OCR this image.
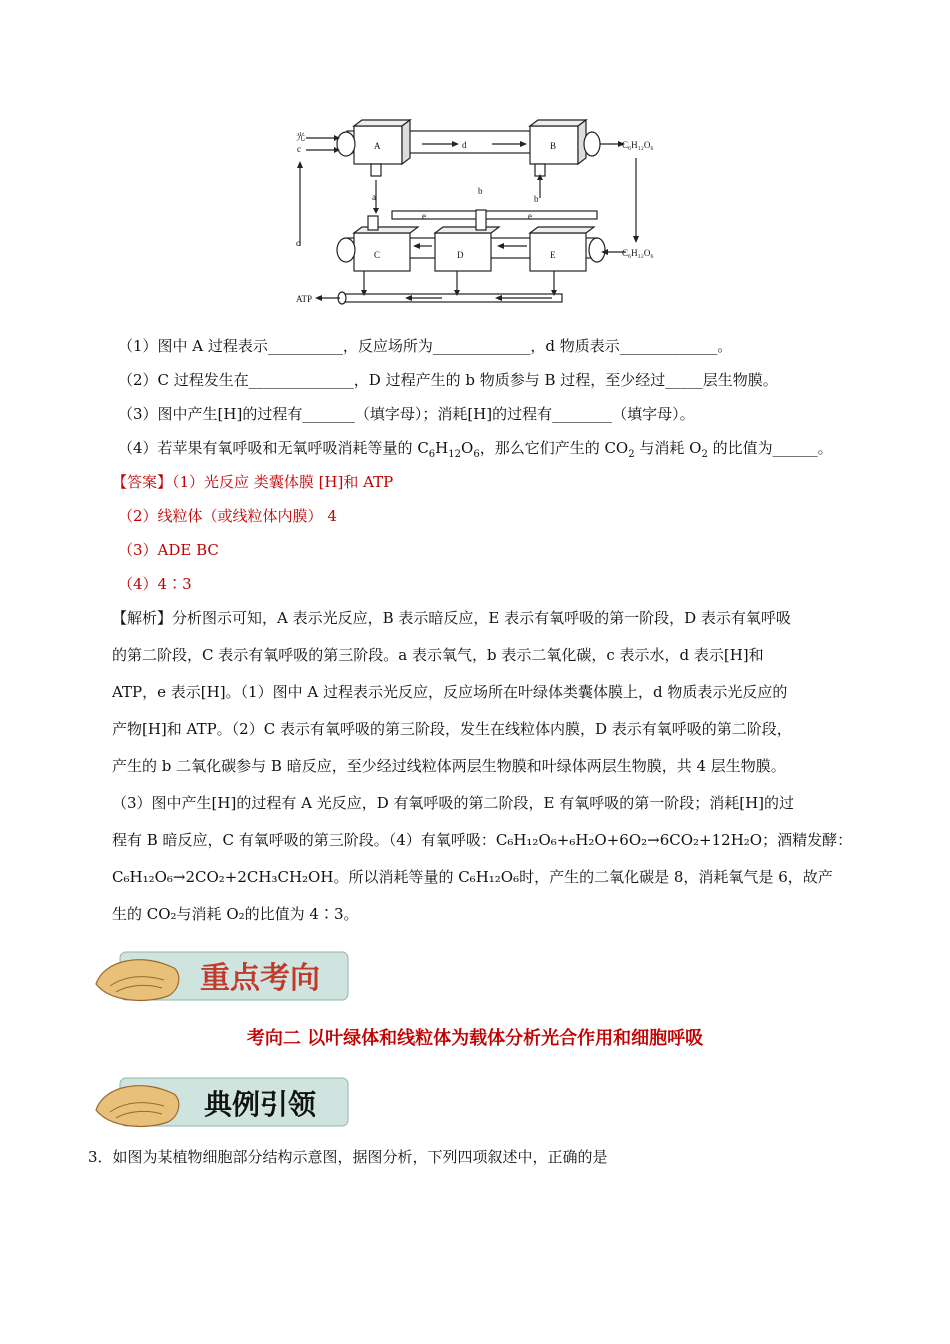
光
c	A	B
d	C₆H₁₂O₆
a
b
b
e	e
C	D	E
c
C₆H₁₂O₆
ATP
（1）图中 A 过程表示__________，反应场所为_____________，d 物质表示_____________。
（2）C 过程发生在______________，D 过程产生的 b 物质参与 B 过程，至少经过_____层生物膜。
（3）图中产生[H]的过程有_______（填字母）；消耗[H]的过程有________（填字母）。
（4）若苹果有氧呼吸和无氧呼吸消耗等量的 $C_6H_{12}O_6$，那么它们产生的 $CO_2$ 与消耗 $O_2$ 的比值为______。
【答案】（1）光反应 类囊体膜 [H]和 ATP
（2）线粒体（或线粒体内膜） 4
（3）ADE BC
（4）4∶3

【解析】分析图示可知，A 表示光反应，B 表示暗反应，E 表示有氧呼吸的第一阶段，D 表示有氧呼吸

的第二阶段，C 表示有氧呼吸的第三阶段。a 表示氧气，b 表示二氧化碳，c 表示水，d 表示[H]和

ATP，e 表示[H]。（1）图中 A 过程表示光反应，反应场所在叶绿体类囊体膜上，d 物质表示光反应的

产物[H]和 ATP。（2）C 表示有氧呼吸的第三阶段，发生在线粒体内膜，D 表示有氧呼吸的第二阶段，

产生的 b 二氧化碳参与 B 暗反应，至少经过线粒体两层生物膜和叶绿体两层生物膜，共 4 层生物膜。

（3）图中产生[H]的过程有 A 光反应，D 有氧呼吸的第二阶段，E 有氧呼吸的第一阶段；消耗[H]的过

程有 B 暗反应，C 有氧呼吸的第三阶段。（4）有氧呼吸：C₆H₁₂O₆+₆H₂O+6O₂→6CO₂+12H₂O；酒精发酵：

C₆H₁₂O₆→2CO₂+2CH₃CH₂OH。所以消耗等量的 C₆H₁₂O₆时，产生的二氧化碳是 8，消耗氧气是 6，故产

生的 CO₂与消耗 O₂的比值为 4∶3。

重点考向
考向二 以叶绿体和线粒体为载体分析光合作用和细胞呼吸
典例引领
3．如图为某植物细胞部分结构示意图，据图分析，下列四项叙述中，正确的是
